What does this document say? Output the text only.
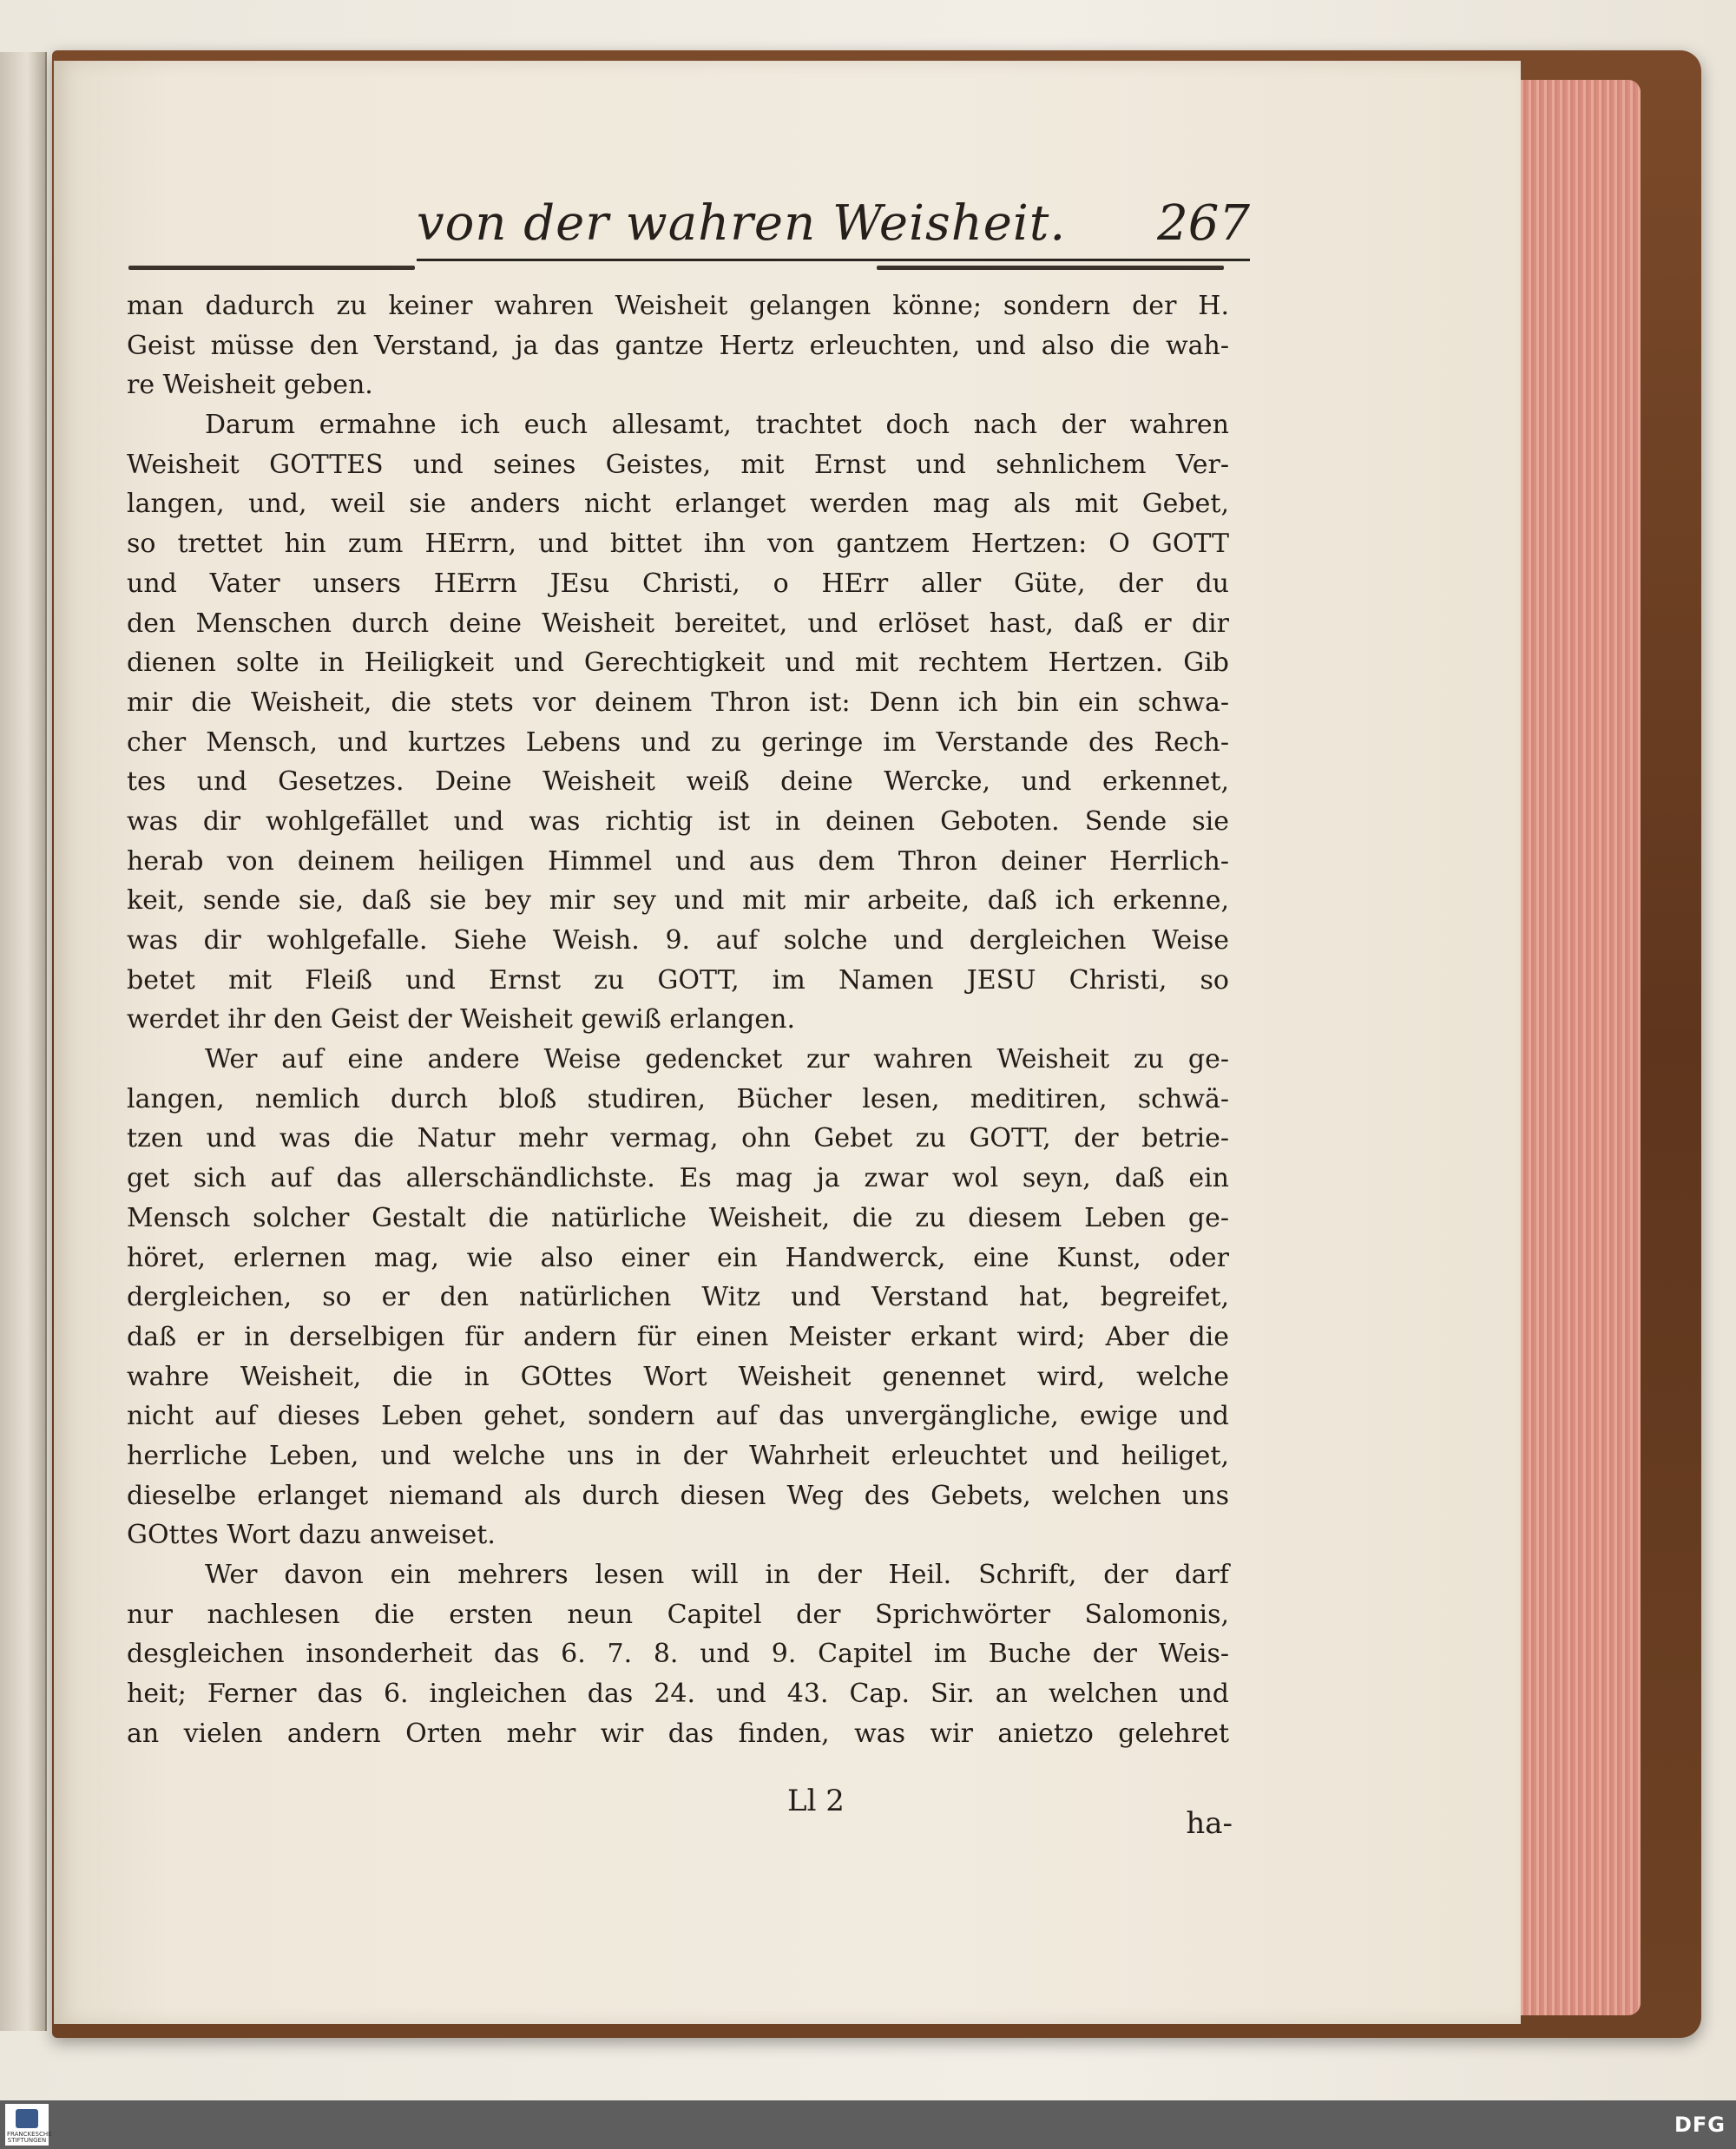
von der wahren Weisheit.	267
man dadurch zu keiner wahren Weisheit gelangen könne; sondern der H.
Geist müsse den Verstand, ja das gantze Hertz erleuchten, und also die wah-
re Weisheit geben.
Darum ermahne ich euch allesamt, trachtet doch nach der wahren
Weisheit GOTTES und seines Geistes, mit Ernst und sehnlichem Ver-
langen, und, weil sie anders nicht erlanget werden mag als mit Gebet,
so trettet hin zum HErrn, und bittet ihn von gantzem Hertzen: O GOTT
und Vater unsers HErrn JEsu Christi, o HErr aller Güte, der du
den Menschen durch deine Weisheit bereitet, und erlöset hast, daß er dir
dienen solte in Heiligkeit und Gerechtigkeit und mit rechtem Hertzen. Gib
mir die Weisheit, die stets vor deinem Thron ist: Denn ich bin ein schwa-
cher Mensch, und kurtzes Lebens und zu geringe im Verstande des Rech-
tes und Gesetzes. Deine Weisheit weiß deine Wercke, und erkennet,
was dir wohlgefället und was richtig ist in deinen Geboten. Sende sie
herab von deinem heiligen Himmel und aus dem Thron deiner Herrlich-
keit, sende sie, daß sie bey mir sey und mit mir arbeite, daß ich erkenne,
was dir wohlgefalle. Siehe Weish. 9. auf solche und dergleichen Weise
betet mit Fleiß und Ernst zu GOTT, im Namen JESU Christi, so
werdet ihr den Geist der Weisheit gewiß erlangen.
Wer auf eine andere Weise gedencket zur wahren Weisheit zu ge-
langen, nemlich durch bloß studiren, Bücher lesen, meditiren, schwä-
tzen und was die Natur mehr vermag, ohn Gebet zu GOTT, der betrie-
get sich auf das allerschändlichste. Es mag ja zwar wol seyn, daß ein
Mensch solcher Gestalt die natürliche Weisheit, die zu diesem Leben ge-
höret, erlernen mag, wie also einer ein Handwerck, eine Kunst, oder
dergleichen, so er den natürlichen Witz und Verstand hat, begreifet,
daß er in derselbigen für andern für einen Meister erkant wird; Aber die
wahre Weisheit, die in GOttes Wort Weisheit genennet wird, welche
nicht auf dieses Leben gehet, sondern auf das unvergängliche, ewige und
herrliche Leben, und welche uns in der Wahrheit erleuchtet und heiliget,
dieselbe erlanget niemand als durch diesen Weg des Gebets, welchen uns
GOttes Wort dazu anweiset.
Wer davon ein mehrers lesen will in der Heil. Schrift, der darf
nur nachlesen die ersten neun Capitel der Sprichwörter Salomonis,
desgleichen insonderheit das 6. 7. 8. und 9. Capitel im Buche der Weis-
heit; Ferner das 6. ingleichen das 24. und 43. Cap. Sir. an welchen und
an vielen andern Orten mehr wir das finden, was wir anietzo gelehret
Ll 2
ha-
FRANCKESCHE STIFTUNGEN
DFG
